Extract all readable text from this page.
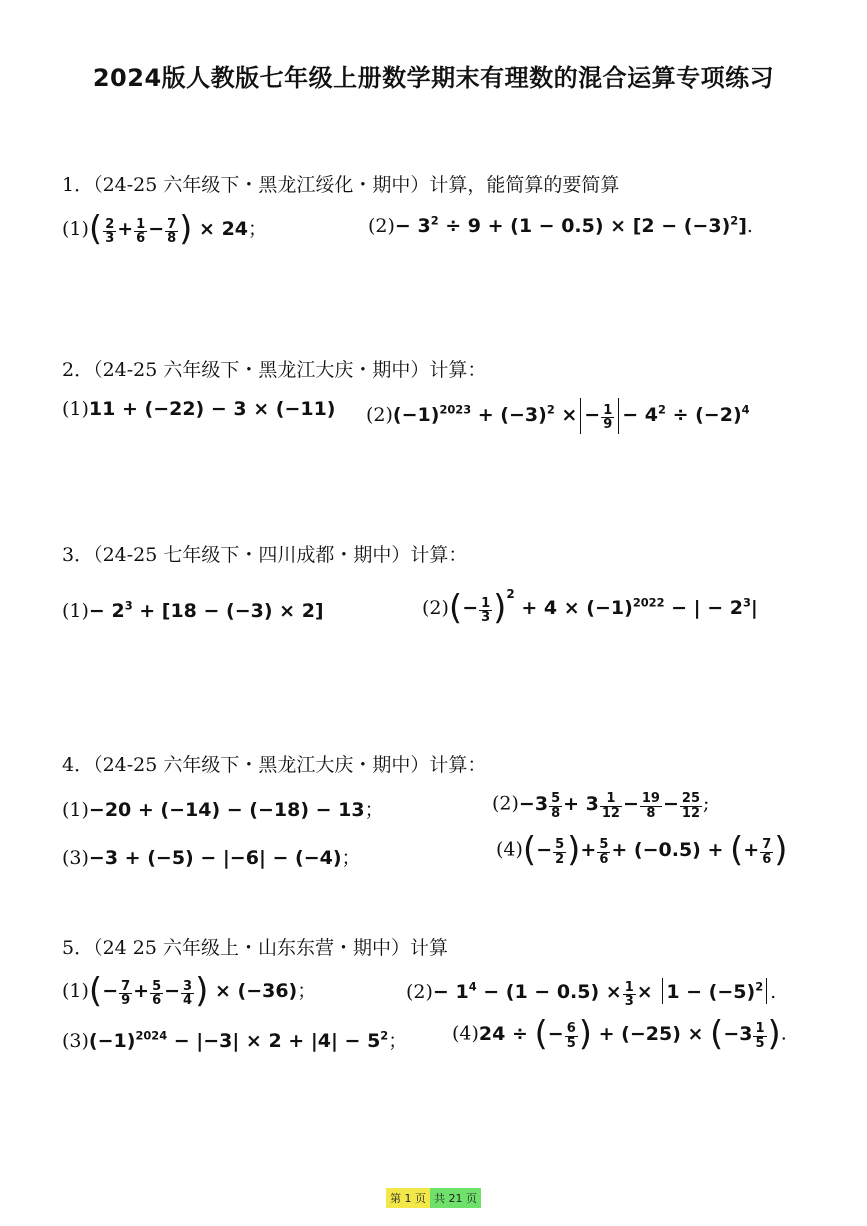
2024版人教版七年级上册数学期末有理数的混合运算专项练习
1．（24-25 六年级下・黑龙江绥化・期中）计算，能简算的要简算
$(1)( \frac{2}{3} + \frac{1}{6} - \frac{7}{8}$ ) × 24；	$(2)- 3^2 \div 9 + (1 - 0.5) \times [2 - (-3)^2]$.
2．（24-25 六年级下・黑龙江大庆・期中）计算：
(1)11 + (−22) − 3 × (−11) $(2)(-1)^{2023} + (-3)^2$ × − $\frac{1}{9} - 4^2 \div (-2)^4$
3．（24-25 七年级下・四川成都・期中）计算：
$(1)- 2^3 + [18 - (-3) \times 2]$	$(2)(- \frac{1}{3} )^2 + 4 \times (-1)^{2022}$ − | − $2^3|$
4．（24-25 六年级下・黑龙江大庆・期中）计算：
(1)−20 + (−14) − (−18) − 13；	$(2)-3 \frac{5}{8} + 3 \frac{1}{12} - \frac{19}{8} - \frac{25}{12}$ ;
(3)−3 + (−5) − |−6| − (−4)；	$(4)(- \frac{5}{2}$ )+ $\frac{5}{6} + (-0.5)$ + (+ $\frac{7}{6}$ )
5．（24 25 六年级上・山东东营・期中）计算
$(1)(- \frac{7}{9} + \frac{5}{6} - \frac{3}{4}$ ) × (−36)；	$(2)- 1^4 - (1 - 0.5) \times \frac{1}{3} \times 1 - (-5)^2$ .
$(3)(-1)^{2024} - |-3| \times 2 + |4| - 5^2$； (4)24 ÷ (− $\frac{6}{5}$ ) + $(-25) \times (-3 \frac{1}{5}$ ).
第 1 页 共 21 页
